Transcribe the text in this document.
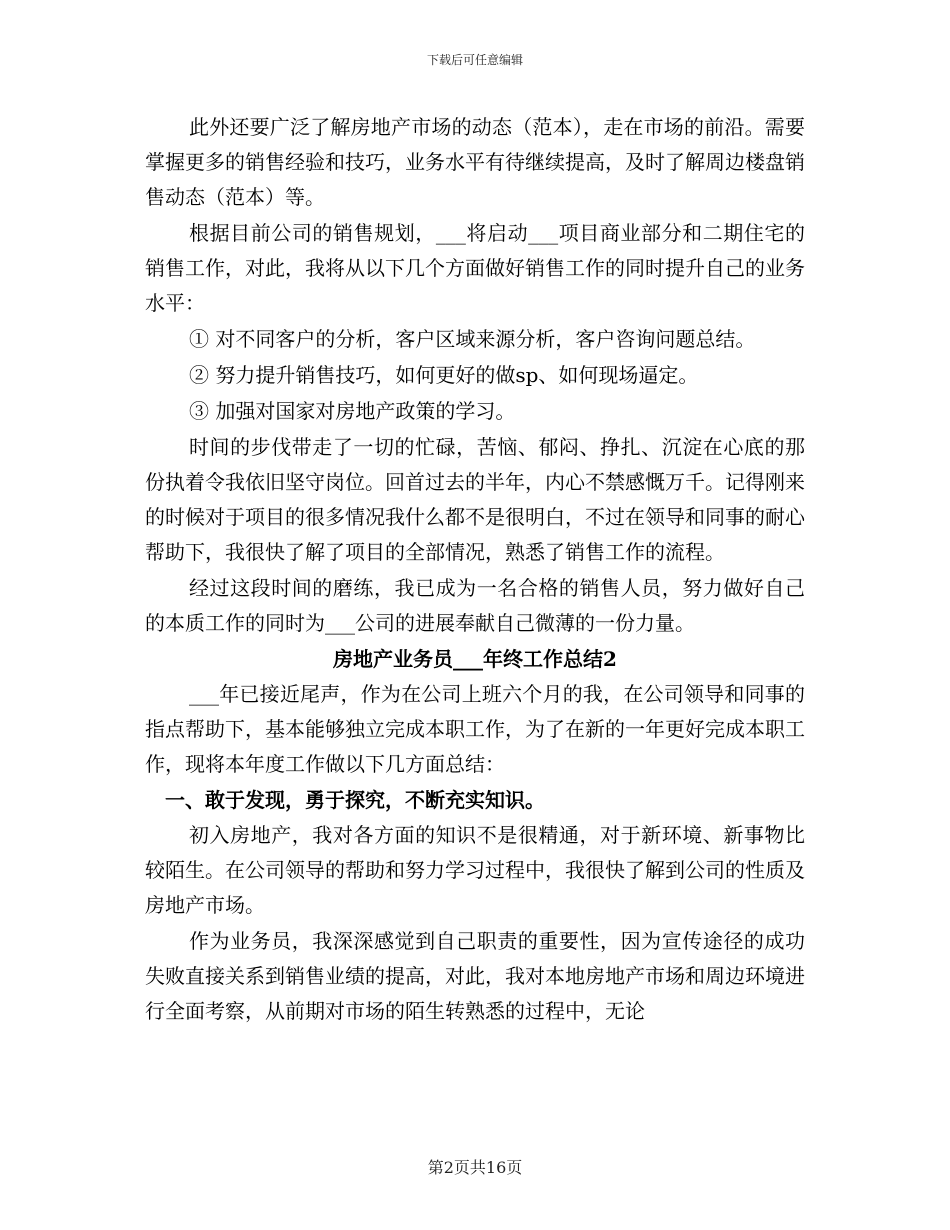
下载后可任意编辑

此外还要广泛了解房地产市场的动态（范本），走在市场的前沿。需要掌握更多的销售经验和技巧，业务水平有待继续提高，及时了解周边楼盘销售动态（范本）等。

根据目前公司的销售规划，___将启动___项目商业部分和二期住宅的销售工作，对此，我将从以下几个方面做好销售工作的同时提升自己的业务水平：

① 对不同客户的分析，客户区域来源分析，客户咨询问题总结。

② 努力提升销售技巧，如何更好的做sp、如何现场逼定。

③ 加强对国家对房地产政策的学习。

时间的步伐带走了一切的忙碌，苦恼、郁闷、挣扎、沉淀在心底的那份执着令我依旧坚守岗位。回首过去的半年，内心不禁感慨万千。记得刚来的时候对于项目的很多情况我什么都不是很明白，不过在领导和同事的耐心帮助下，我很快了解了项目的全部情况，熟悉了销售工作的流程。

经过这段时间的磨练，我已成为一名合格的销售人员，努力做好自己的本质工作的同时为___公司的进展奉献自己微薄的一份力量。

房地产业务员___年终工作总结2

___年已接近尾声，作为在公司上班六个月的我，在公司领导和同事的指点帮助下，基本能够独立完成本职工作，为了在新的一年更好完成本职工作，现将本年度工作做以下几方面总结：

一、敢于发现，勇于探究，不断充实知识。

初入房地产，我对各方面的知识不是很精通，对于新环境、新事物比较陌生。在公司领导的帮助和努力学习过程中，我很快了解到公司的性质及房地产市场。

作为业务员，我深深感觉到自己职责的重要性，因为宣传途径的成功失败直接关系到销售业绩的提高，对此，我对本地房地产市场和周边环境进行全面考察，从前期对市场的陌生转熟悉的过程中，无论

第2页共16页
